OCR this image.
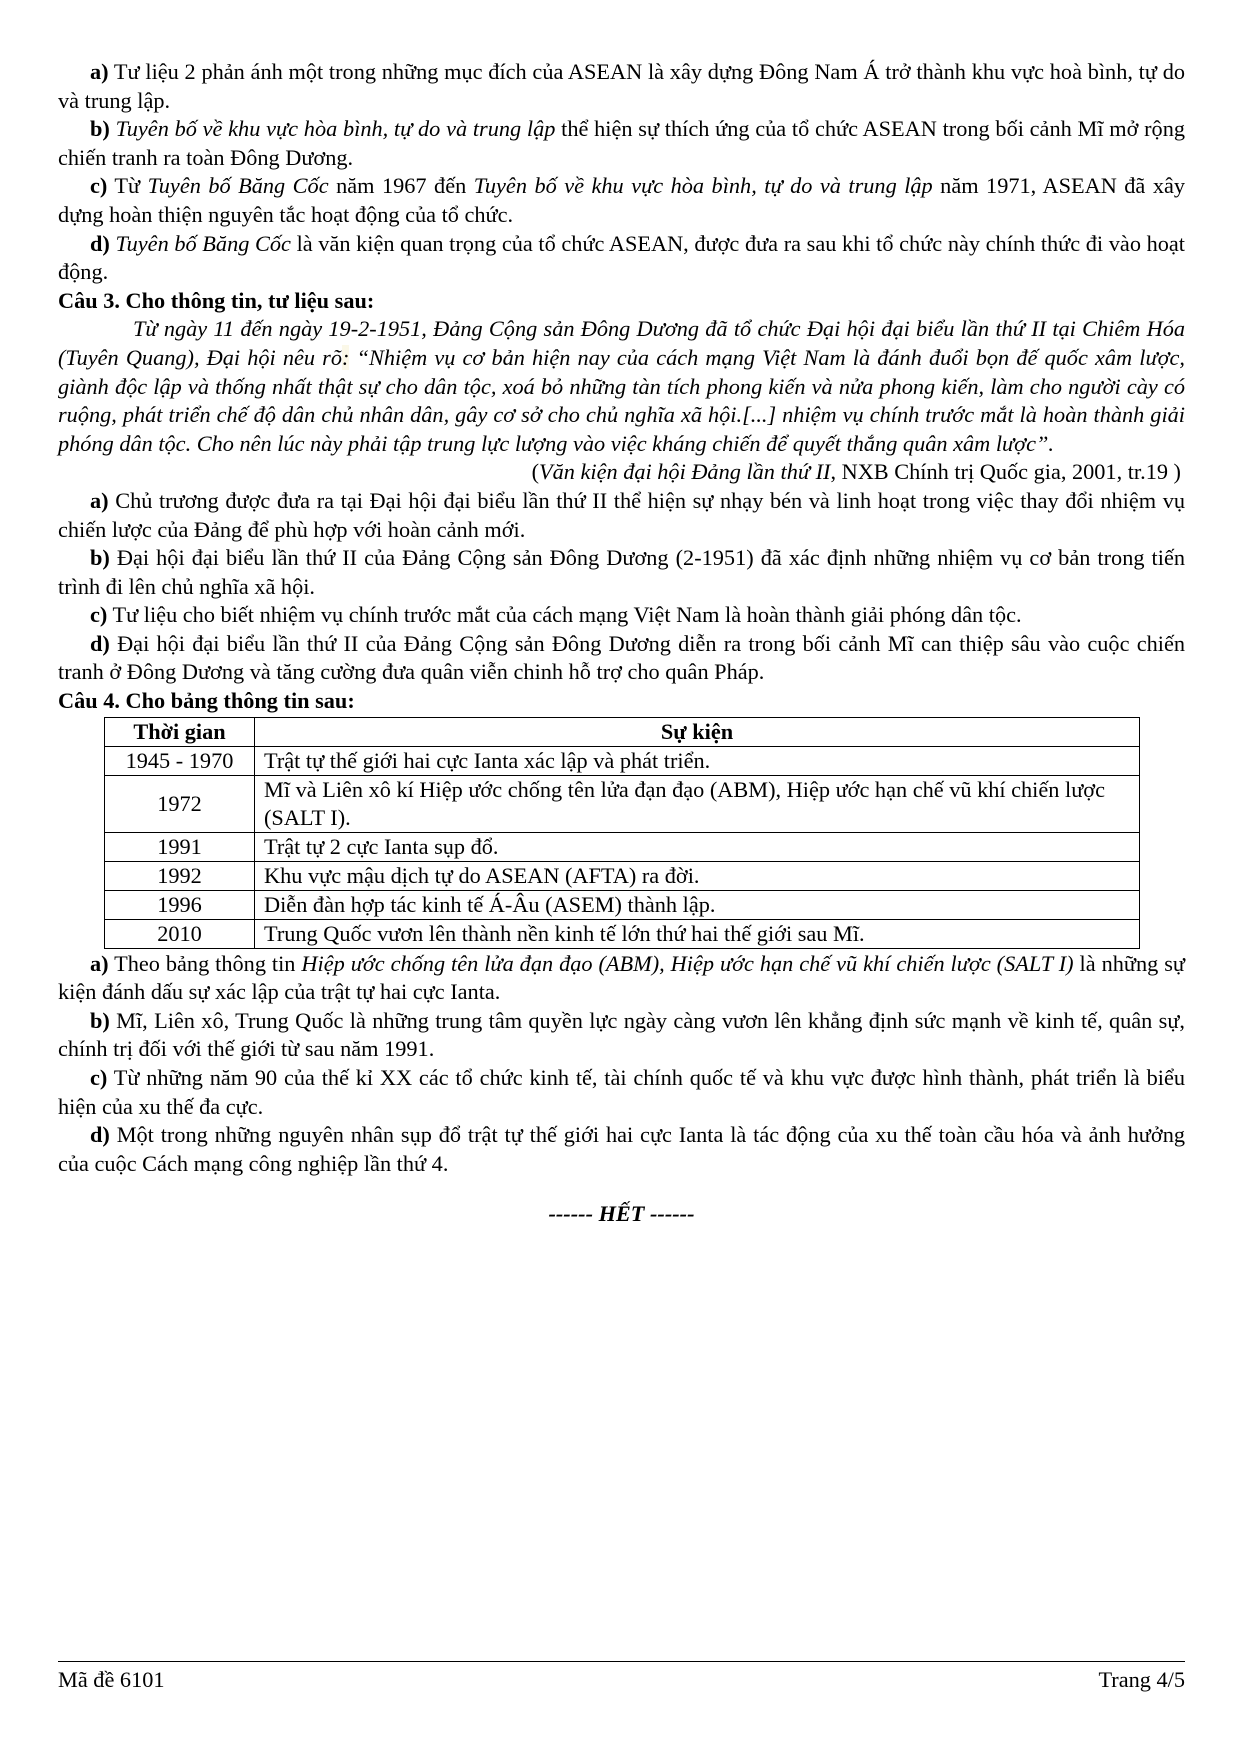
a) Tư liệu 2 phản ánh một trong những mục đích của ASEAN là xây dựng Đông Nam Á trở thành khu vực hoà bình, tự do và trung lập.

b) Tuyên bố về khu vực hòa bình, tự do và trung lập thể hiện sự thích ứng của tổ chức ASEAN trong bối cảnh Mĩ mở rộng chiến tranh ra toàn Đông Dương.

c) Từ Tuyên bố Băng Cốc năm 1967 đến Tuyên bố về khu vực hòa bình, tự do và trung lập năm 1971, ASEAN đã xây dựng hoàn thiện nguyên tắc hoạt động của tổ chức.

d) Tuyên bố Băng Cốc là văn kiện quan trọng của tổ chức ASEAN, được đưa ra sau khi tổ chức này chính thức đi vào hoạt động.

Câu 3. Cho thông tin, tư liệu sau:

Từ ngày 11 đến ngày 19-2-1951, Đảng Cộng sản Đông Dương đã tổ chức Đại hội đại biểu lần thứ II tại Chiêm Hóa (Tuyên Quang), Đại hội nêu rõ: “Nhiệm vụ cơ bản hiện nay của cách mạng Việt Nam là đánh đuổi bọn đế quốc xâm lược, giành độc lập và thống nhất thật sự cho dân tộc, xoá bỏ những tàn tích phong kiến và nửa phong kiến, làm cho người cày có ruộng, phát triển chế độ dân chủ nhân dân, gây cơ sở cho chủ nghĩa xã hội.[...] nhiệm vụ chính trước mắt là hoàn thành giải phóng dân tộc. Cho nên lúc này phải tập trung lực lượng vào việc kháng chiến để quyết thắng quân xâm lược”.

(Văn kiện đại hội Đảng lần thứ II, NXB Chính trị Quốc gia, 2001, tr.19 )

a) Chủ trương được đưa ra tại Đại hội đại biểu lần thứ II thể hiện sự nhạy bén và linh hoạt trong việc thay đổi nhiệm vụ chiến lược của Đảng để phù hợp với hoàn cảnh mới.

b) Đại hội đại biểu lần thứ II của Đảng Cộng sản Đông Dương (2-1951) đã xác định những nhiệm vụ cơ bản trong tiến trình đi lên chủ nghĩa xã hội.

c) Tư liệu cho biết nhiệm vụ chính trước mắt của cách mạng Việt Nam là hoàn thành giải phóng dân tộc.

d) Đại hội đại biểu lần thứ II của Đảng Cộng sản Đông Dương diễn ra trong bối cảnh Mĩ can thiệp sâu vào cuộc chiến tranh ở Đông Dương và tăng cường đưa quân viễn chinh hỗ trợ cho quân Pháp.

Câu 4. Cho bảng thông tin sau:

Thời gian	Sự kiện
1945 - 1970	Trật tự thế giới hai cực Ianta xác lập và phát triển.
1972	Mĩ và Liên xô kí Hiệp ước chống tên lửa đạn đạo (ABM), Hiệp ước hạn chế vũ khí chiến lược (SALT I).
1991	Trật tự 2 cực Ianta sụp đổ.
1992	Khu vực mậu dịch tự do ASEAN (AFTA) ra đời.
1996	Diễn đàn hợp tác kinh tế Á-Âu (ASEM) thành lập.
2010	Trung Quốc vươn lên thành nền kinh tế lớn thứ hai thế giới sau Mĩ.

a) Theo bảng thông tin Hiệp ước chống tên lửa đạn đạo (ABM), Hiệp ước hạn chế vũ khí chiến lược (SALT I) là những sự kiện đánh dấu sự xác lập của trật tự hai cực Ianta.

b) Mĩ, Liên xô, Trung Quốc là những trung tâm quyền lực ngày càng vươn lên khẳng định sức mạnh về kinh tế, quân sự, chính trị đối với thế giới từ sau năm 1991.

c) Từ những năm 90 của thế kỉ XX các tổ chức kinh tế, tài chính quốc tế và khu vực được hình thành, phát triển là biểu hiện của xu thế đa cực.

d) Một trong những nguyên nhân sụp đổ trật tự thế giới hai cực Ianta là tác động của xu thế toàn cầu hóa và ảnh hưởng của cuộc Cách mạng công nghiệp lần thứ 4.

------ HẾT ------

Mã đề 6101	Trang 4/5
